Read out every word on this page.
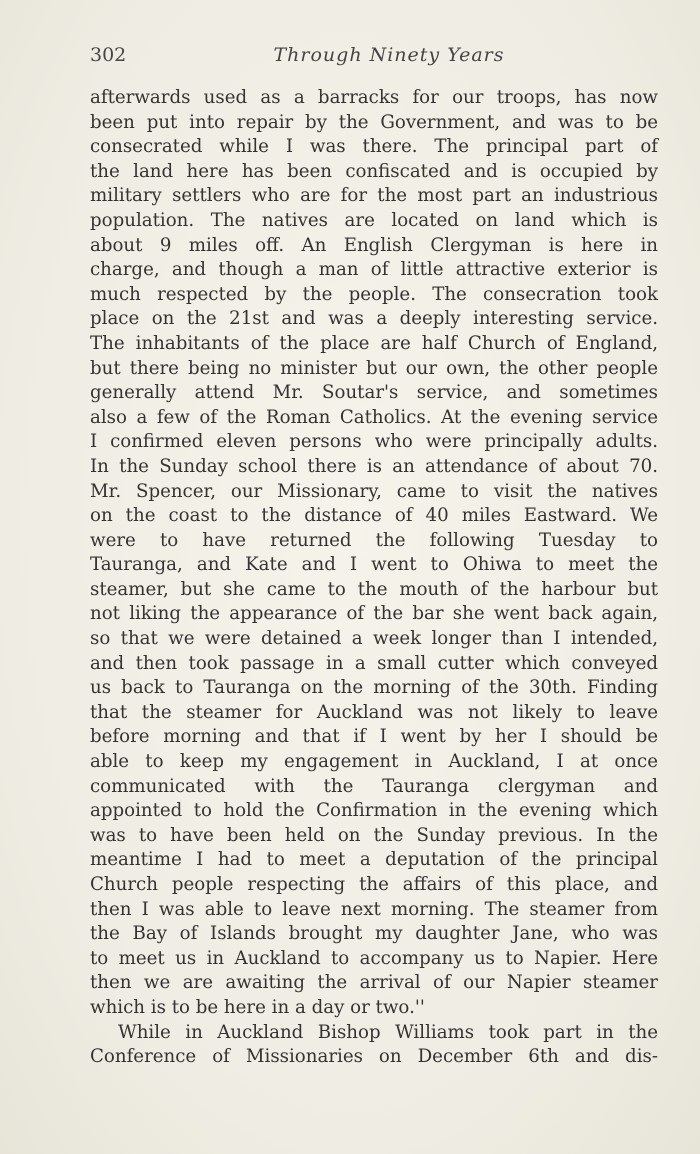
302	Through Ninety Years
afterwards used as a barracks for our troops, has now
been put into repair by the Government, and was to be
consecrated while I was there. The principal part of
the land here has been confiscated and is occupied by
military settlers who are for the most part an industrious
population. The natives are located on land which is
about 9 miles off. An English Clergyman is here in
charge, and though a man of little attractive exterior is
much respected by the people. The consecration took
place on the 21st and was a deeply interesting service.
The inhabitants of the place are half Church of England,
but there being no minister but our own, the other people
generally attend Mr. Soutar's service, and sometimes
also a few of the Roman Catholics. At the evening service
I confirmed eleven persons who were principally adults.
In the Sunday school there is an attendance of about 70.
Mr. Spencer, our Missionary, came to visit the natives
on the coast to the distance of 40 miles Eastward. We
were to have returned the following Tuesday to
Tauranga, and Kate and I went to Ohiwa to meet the
steamer, but she came to the mouth of the harbour but
not liking the appearance of the bar she went back again,
so that we were detained a week longer than I intended,
and then took passage in a small cutter which conveyed
us back to Tauranga on the morning of the 30th. Finding
that the steamer for Auckland was not likely to leave
before morning and that if I went by her I should be
able to keep my engagement in Auckland, I at once
communicated with the Tauranga clergyman and
appointed to hold the Confirmation in the evening which
was to have been held on the Sunday previous. In the
meantime I had to meet a deputation of the principal
Church people respecting the affairs of this place, and
then I was able to leave next morning. The steamer from
the Bay of Islands brought my daughter Jane, who was
to meet us in Auckland to accompany us to Napier. Here
then we are awaiting the arrival of our Napier steamer
which is to be here in a day or two.''
While in Auckland Bishop Williams took part in the
Conference of Missionaries on December 6th and dis-
